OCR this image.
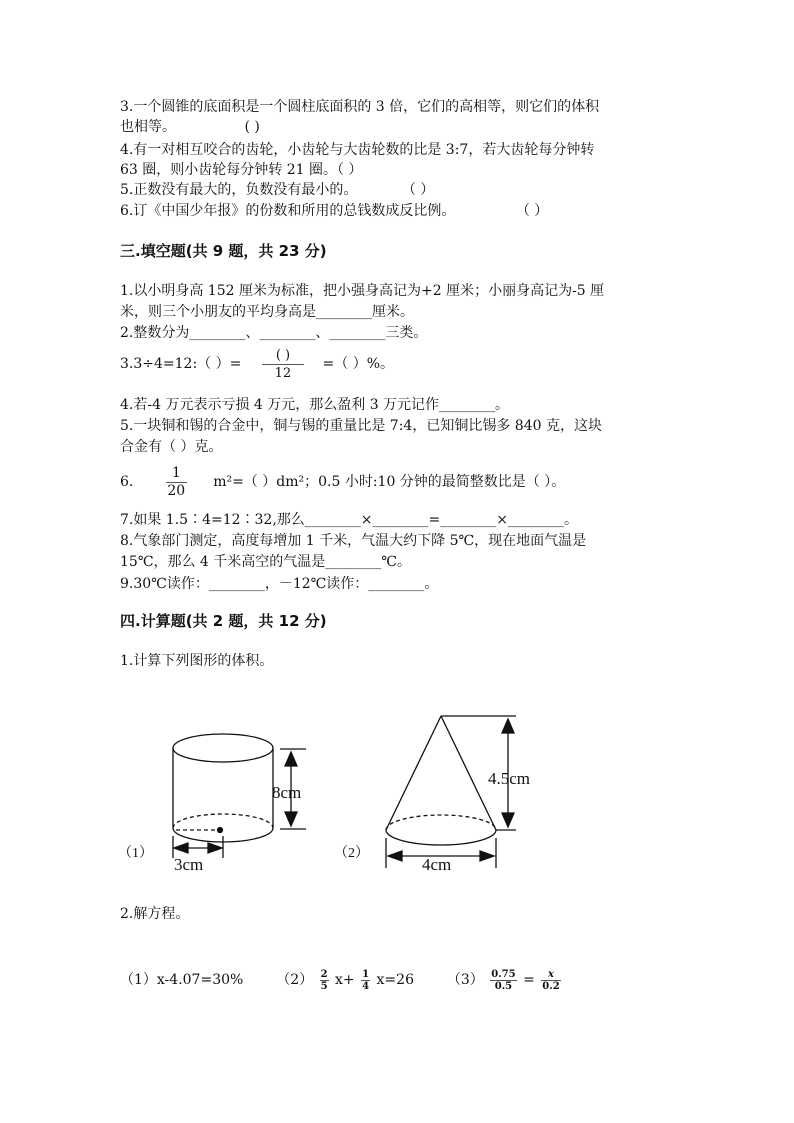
3.一个圆锥的底面积是一个圆柱底面积的 3 倍，它们的高相等，则它们的体积
也相等。	( )
4.有一对相互咬合的齿轮，小齿轮与大齿轮数的比是 3:7，若大齿轮每分钟转
63 圈，则小齿轮每分钟转 21 圈。（ ）
5.正数没有最大的，负数没有最小的。	（ ）
6.订《中国少年报》的份数和所用的总钱数成反比例。	（ ）
三.填空题(共 9 题，共 23 分)
1.以小明身高 152 厘米为标准，把小强身高记为+2 厘米；小丽身高记为-5 厘
米，则三个小朋友的平均身高是________厘米。
2.整数分为________、________、________三类。
3.3÷4=12:（ ）= $\frac{( )}{12}$ =（ ）%。
4.若-4 万元表示亏损 4 万元，那么盈利 3 万元记作________。
5.一块铜和锡的合金中，铜与锡的重量比是 7:4，已知铜比锡多 840 克，这块
合金有（ ）克。
6. $\frac{1}{20} m^2=$（ ）dm²；0.5 小时:10 分钟的最简整数比是（ ）。
7.如果 1.5∶4=12∶32,那么________×________=________×________。
8.气象部门测定，高度每增加 1 千米，气温大约下降 5℃，现在地面气温是
15℃，那么 4 千米高空的气温是________℃。
9.30℃读作：________，－12℃读作：________。
四.计算题(共 2 题，共 12 分)
1.计算下列图形的体积。
8cm
3cm
（1）
4.5cm
4cm
（2）
2.解方程。
（1）x-4.07=30% $(2) \frac{2}{5} x+ \frac{1}{4} x=26$ $(3) \frac{0.75}{0.5} = \frac{x}{0.2}$
